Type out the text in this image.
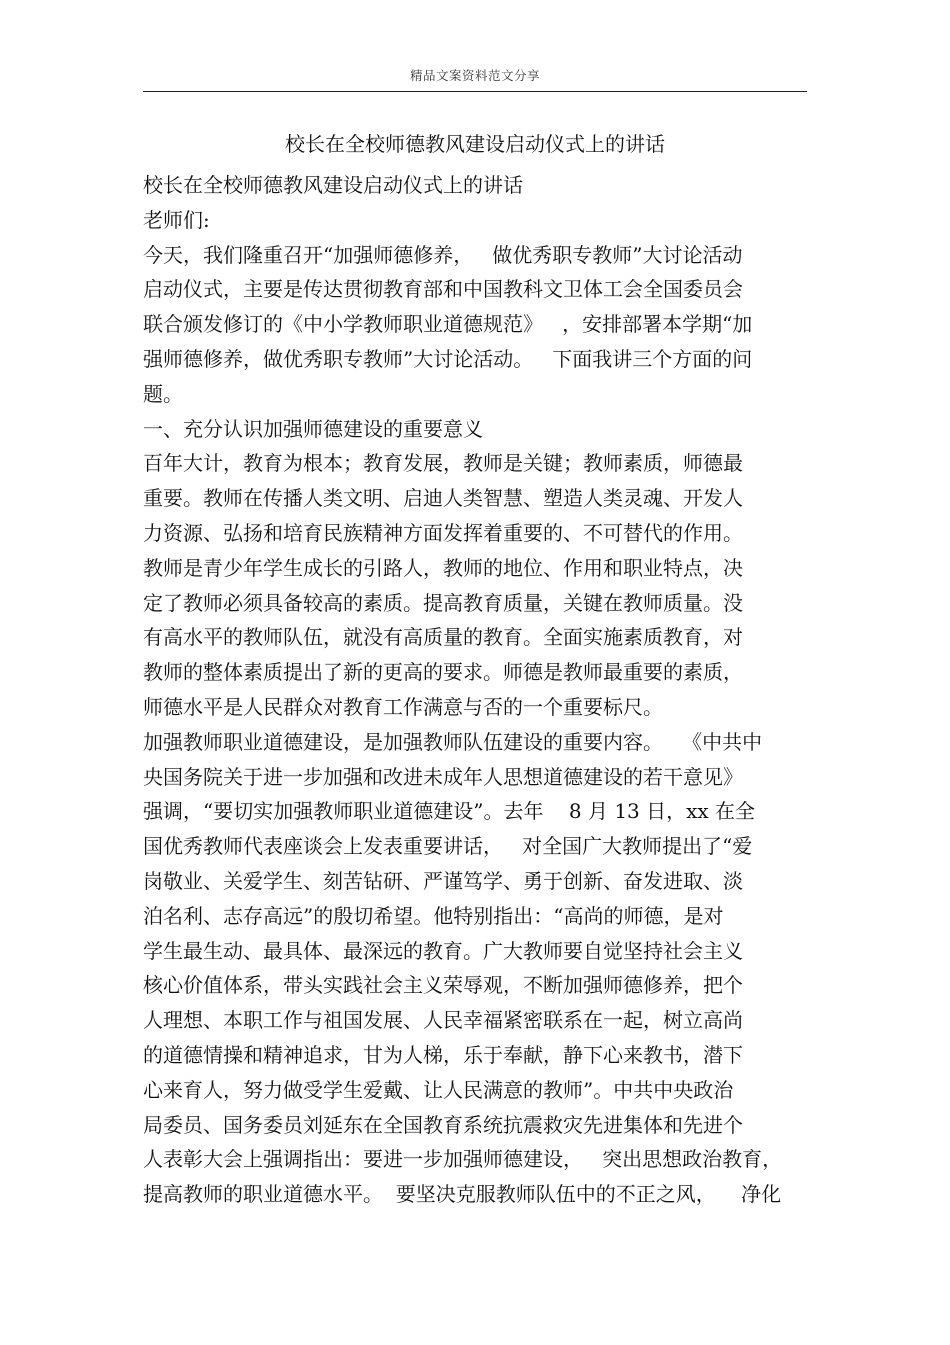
精品文案资料范文分享
校长在全校师德教风建设启动仪式上的讲话
校长在全校师德教风建设启动仪式上的讲话
老师们:
今天，我们隆重召开“加强师德修养，   做优秀职专教师”大讨论活动
启动仪式，主要是传达贯彻教育部和中国教科文卫体工会全国委员会
联合颁发修订的《中小学教师职业道德规范》   ，安排部署本学期“加
强师德修养，做优秀职专教师”大讨论活动。   下面我讲三个方面的问
题。
一、充分认识加强师德建设的重要意义
百年大计，教育为根本；教育发展，教师是关键；教师素质，师德最
重要。教师在传播人类文明、启迪人类智慧、塑造人类灵魂、开发人
力资源、弘扬和培育民族精神方面发挥着重要的、不可替代的作用。
教师是青少年学生成长的引路人，教师的地位、作用和职业特点，决
定了教师必须具备较高的素质。提高教育质量，关键在教师质量。没
有高水平的教师队伍，就没有高质量的教育。全面实施素质教育，对
教师的整体素质提出了新的更高的要求。师德是教师最重要的素质，
师德水平是人民群众对教育工作满意与否的一个重要标尺。
加强教师职业道德建设，是加强教师队伍建设的重要内容。   《中共中
央国务院关于进一步加强和改进未成年人思想道德建设的若干意见》
强调，“要切实加强教师职业道德建设”。去年    8 月 13 日，xx 在全
国优秀教师代表座谈会上发表重要讲话，   对全国广大教师提出了“爱
岗敬业、关爱学生、刻苦钻研、严谨笃学、勇于创新、奋发进取、淡
泊名利、志存高远”的殷切希望。他特别指出：“高尚的师德，是对
学生最生动、最具体、最深远的教育。广大教师要自觉坚持社会主义
核心价值体系，带头实践社会主义荣辱观，不断加强师德修养，把个
人理想、本职工作与祖国发展、人民幸福紧密联系在一起，树立高尚
的道德情操和精神追求，甘为人梯，乐于奉献，静下心来教书，潜下
心来育人，努力做受学生爱戴、让人民满意的教师”。中共中央政治
局委员、国务委员刘延东在全国教育系统抗震救灾先进集体和先进个
人表彰大会上强调指出：要进一步加强师德建设，   突出思想政治教育，
提高教师的职业道德水平。  要坚决克服教师队伍中的不正之风，    净化
